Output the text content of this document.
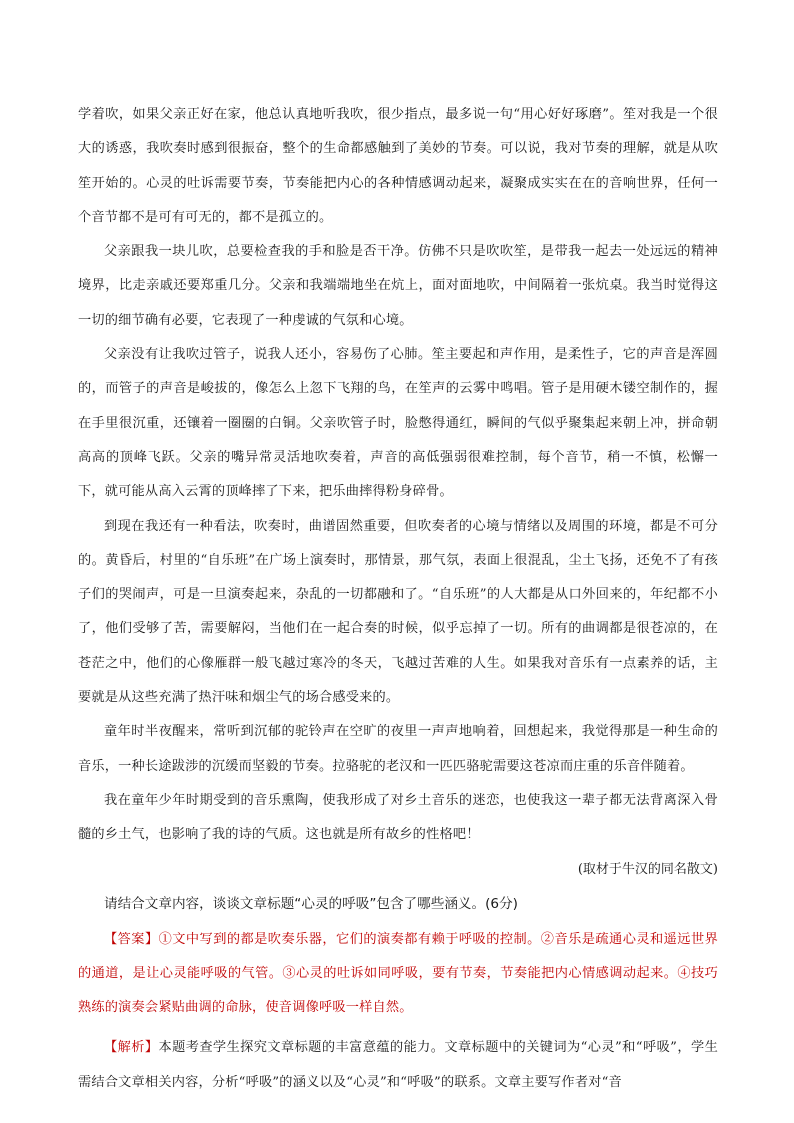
学着吹，如果父亲正好在家，他总认真地听我吹，很少指点，最多说一句“用心好好琢磨”。笙对我是一个很大的诱惑，我吹奏时感到很振奋，整个的生命都感触到了美妙的节奏。可以说，我对节奏的理解，就是从吹笙开始的。心灵的吐诉需要节奏，节奏能把内心的各种情感调动起来，凝聚成实实在在的音响世界，任何一个音节都不是可有可无的，都不是孤立的。

父亲跟我一块儿吹，总要检查我的手和脸是否干净。仿佛不只是吹吹笙，是带我一起去一处远远的精神境界，比走亲戚还要郑重几分。父亲和我端端地坐在炕上，面对面地吹，中间隔着一张炕桌。我当时觉得这一切的细节确有必要，它表现了一种虔诚的气氛和心境。

父亲没有让我吹过管子，说我人还小，容易伤了心肺。笙主要起和声作用，是柔性子，它的声音是浑圆的，而管子的声音是峻拔的，像怎么上忽下飞翔的鸟，在笙声的云雾中鸣唱。管子是用硬木镂空制作的，握在手里很沉重，还镶着一圈圈的白铜。父亲吹管子时，脸憋得通红，瞬间的气似乎聚集起来朝上冲，拼命朝高高的顶峰飞跃。父亲的嘴异常灵活地吹奏着，声音的高低强弱很难控制，每个音节，稍一不慎，松懈一下，就可能从高入云霄的顶峰摔了下来，把乐曲摔得粉身碎骨。

到现在我还有一种看法，吹奏时，曲谱固然重要，但吹奏者的心境与情绪以及周围的环境，都是不可分的。黄昏后，村里的“自乐班”在广场上演奏时，那情景，那气氛，表面上很混乱，尘土飞扬，还免不了有孩子们的哭闹声，可是一旦演奏起来，杂乱的一切都融和了。“自乐班”的人大都是从口外回来的，年纪都不小了，他们受够了苦，需要解闷，当他们在一起合奏的时候，似乎忘掉了一切。所有的曲调都是很苍凉的，在苍茫之中，他们的心像雁群一般飞越过寒冷的冬天，飞越过苦难的人生。如果我对音乐有一点素养的话，主要就是从这些充满了热汗味和烟尘气的场合感受来的。

童年时半夜醒来，常听到沉郁的驼铃声在空旷的夜里一声声地响着，回想起来，我觉得那是一种生命的音乐，一种长途跋涉的沉缓而坚毅的节奏。拉骆驼的老汉和一匹匹骆驼需要这苍凉而庄重的乐音伴随着。

我在童年少年时期受到的音乐熏陶，使我形成了对乡土音乐的迷恋，也使我这一辈子都无法背离深入骨髓的乡土气，也影响了我的诗的气质。这也就是所有故乡的性格吧！

(取材于牛汉的同名散文)

请结合文章内容，谈谈文章标题“心灵的呼吸”包含了哪些涵义。(6分)

【答案】①文中写到的都是吹奏乐器，它们的演奏都有赖于呼吸的控制。②音乐是疏通心灵和遥远世界的通道，是让心灵能呼吸的气管。③心灵的吐诉如同呼吸，要有节奏，节奏能把内心情感调动起来。④技巧熟练的演奏会紧贴曲调的命脉，使音调像呼吸一样自然。

【解析】本题考查学生探究文章标题的丰富意蕴的能力。文章标题中的关键词为“心灵”和“呼吸”，学生需结合文章相关内容，分析“呼吸”的涵义以及“心灵”和“呼吸”的联系。文章主要写作者对“音
